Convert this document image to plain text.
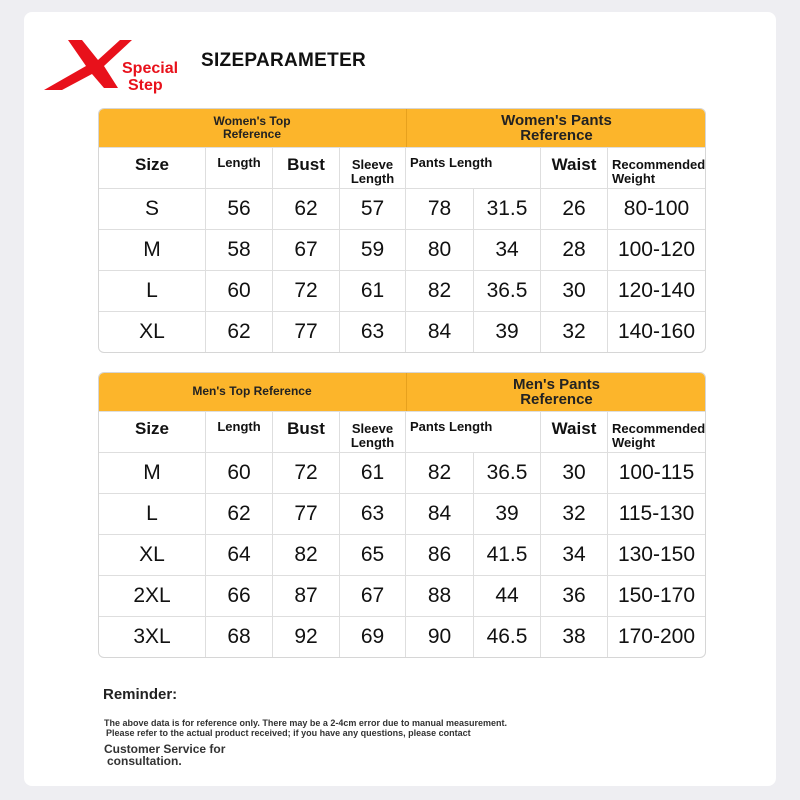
Special
Step
SIZEPARAMETER
Women's Top
Reference
Women's Pants
Reference
Size	Length	Bust	Sleeve
Length
Pants Length	Waist	Recommended
Weight
S	56	62	57	78	31.5	26	80-100
M	58	67	59	80	34	28	100-120
L	60	72	61	82	36.5	30	120-140
XL	62	77	63	84	39	32	140-160
Men's Top Reference	Men's Pants
Reference
Size	Length	Bust	Sleeve
Length
Pants Length	Waist	Recommended
Weight
M	60	72	61	82	36.5	30	100-115
L	62	77	63	84	39	32	115-130
XL	64	82	65	86	41.5	34	130-150
2XL	66	87	67	88	44	36	150-170
3XL	68	92	69	90	46.5	38	170-200
Reminder:
The above data is for reference only. There may be a 2-4cm error due to manual measurement.
Please refer to the actual product received; if you have any questions, please contact
Customer Service for
consultation.
